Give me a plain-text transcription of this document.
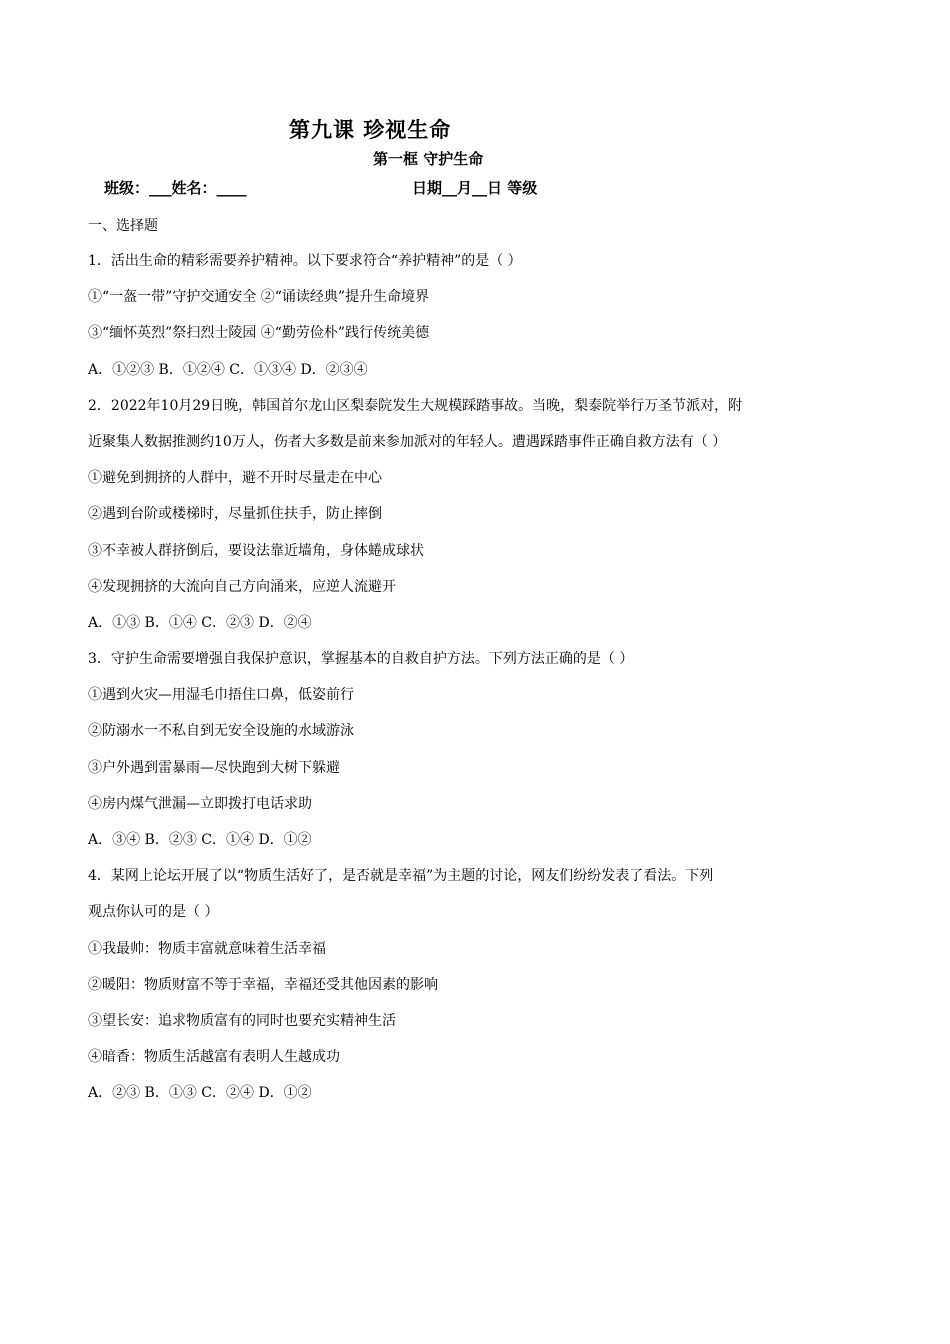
第九课 珍视生命
第一框 守护生命
班级：___姓名：____	日期__月__日 等级
一、选择题
1．活出生命的精彩需要养护精神。以下要求符合“养护精神”的是（ ）
①“一盔一带”守护交通安全 ②“诵读经典”提升生命境界
③“缅怀英烈”祭扫烈士陵园 ④“勤劳俭朴”践行传统美德
A．①②③ B．①②④ C．①③④ D．②③④
2．2022年10月29日晚，韩国首尔龙山区梨泰院发生大规模踩踏事故。当晚，梨泰院举行万圣节派对，附
近聚集人数据推测约10万人，伤者大多数是前来参加派对的年轻人。遭遇踩踏事件正确自救方法有（ ）
①避免到拥挤的人群中，避不开时尽量走在中心
②遇到台阶或楼梯时，尽量抓住扶手，防止摔倒
③不幸被人群挤倒后，要设法靠近墙角，身体蜷成球状
④发现拥挤的大流向自己方向涌来，应逆人流避开
A．①③ B．①④ C．②③ D．②④
3．守护生命需要增强自我保护意识，掌握基本的自救自护方法。下列方法正确的是（ ）
①遇到火灾—用湿毛巾捂住口鼻，低姿前行
②防溺水一不私自到无安全设施的水域游泳
③户外遇到雷暴雨—尽快跑到大树下躲避
④房内煤气泄漏—立即拨打电话求助
A．③④ B．②③ C．①④ D．①②
4．某网上论坛开展了以“物质生活好了，是否就是幸福”为主题的讨论，网友们纷纷发表了看法。下列
观点你认可的是（ ）
①我最帅：物质丰富就意味着生活幸福
②暖阳：物质财富不等于幸福，幸福还受其他因素的影响
③望长安：追求物质富有的同时也要充实精神生活
④暗香：物质生活越富有表明人生越成功
A．②③ B．①③ C．②④ D．①②
